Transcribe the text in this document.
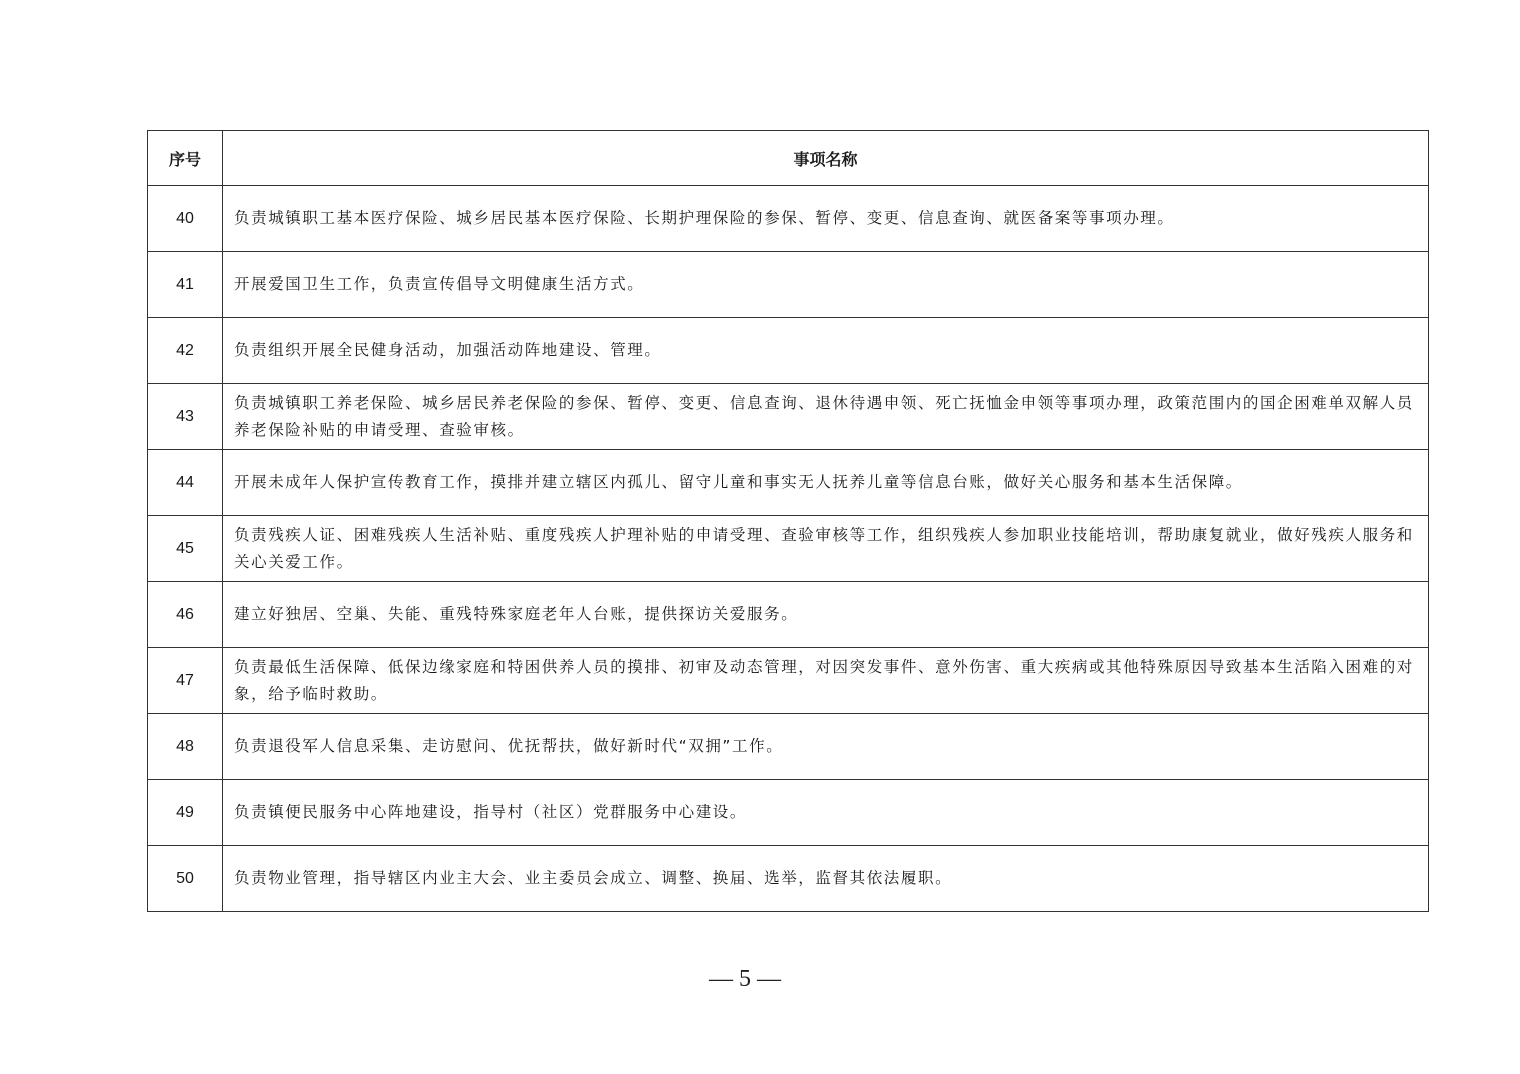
序号	事项名称
40	负责城镇职工基本医疗保险、城乡居民基本医疗保险、长期护理保险的参保、暂停、变更、信息查询、就医备案等事项办理。
41	开展爱国卫生工作，负责宣传倡导文明健康生活方式。
42	负责组织开展全民健身活动，加强活动阵地建设、管理。
43	负责城镇职工养老保险、城乡居民养老保险的参保、暂停、变更、信息查询、退休待遇申领、死亡抚恤金申领等事项办理，政策范围内的国企困难单双解人员养老保险补贴的申请受理、查验审核。
44	开展未成年人保护宣传教育工作，摸排并建立辖区内孤儿、留守儿童和事实无人抚养儿童等信息台账，做好关心服务和基本生活保障。
45	负责残疾人证、困难残疾人生活补贴、重度残疾人护理补贴的申请受理、查验审核等工作，组织残疾人参加职业技能培训，帮助康复就业，做好残疾人服务和关心关爱工作。
46	建立好独居、空巢、失能、重残特殊家庭老年人台账，提供探访关爱服务。
47	负责最低生活保障、低保边缘家庭和特困供养人员的摸排、初审及动态管理，对因突发事件、意外伤害、重大疾病或其他特殊原因导致基本生活陷入困难的对象，给予临时救助。
48	负责退役军人信息采集、走访慰问、优抚帮扶，做好新时代“双拥”工作。
49	负责镇便民服务中心阵地建设，指导村（社区）党群服务中心建设。
50	负责物业管理，指导辖区内业主大会、业主委员会成立、调整、换届、选举，监督其依法履职。
— 5 —
